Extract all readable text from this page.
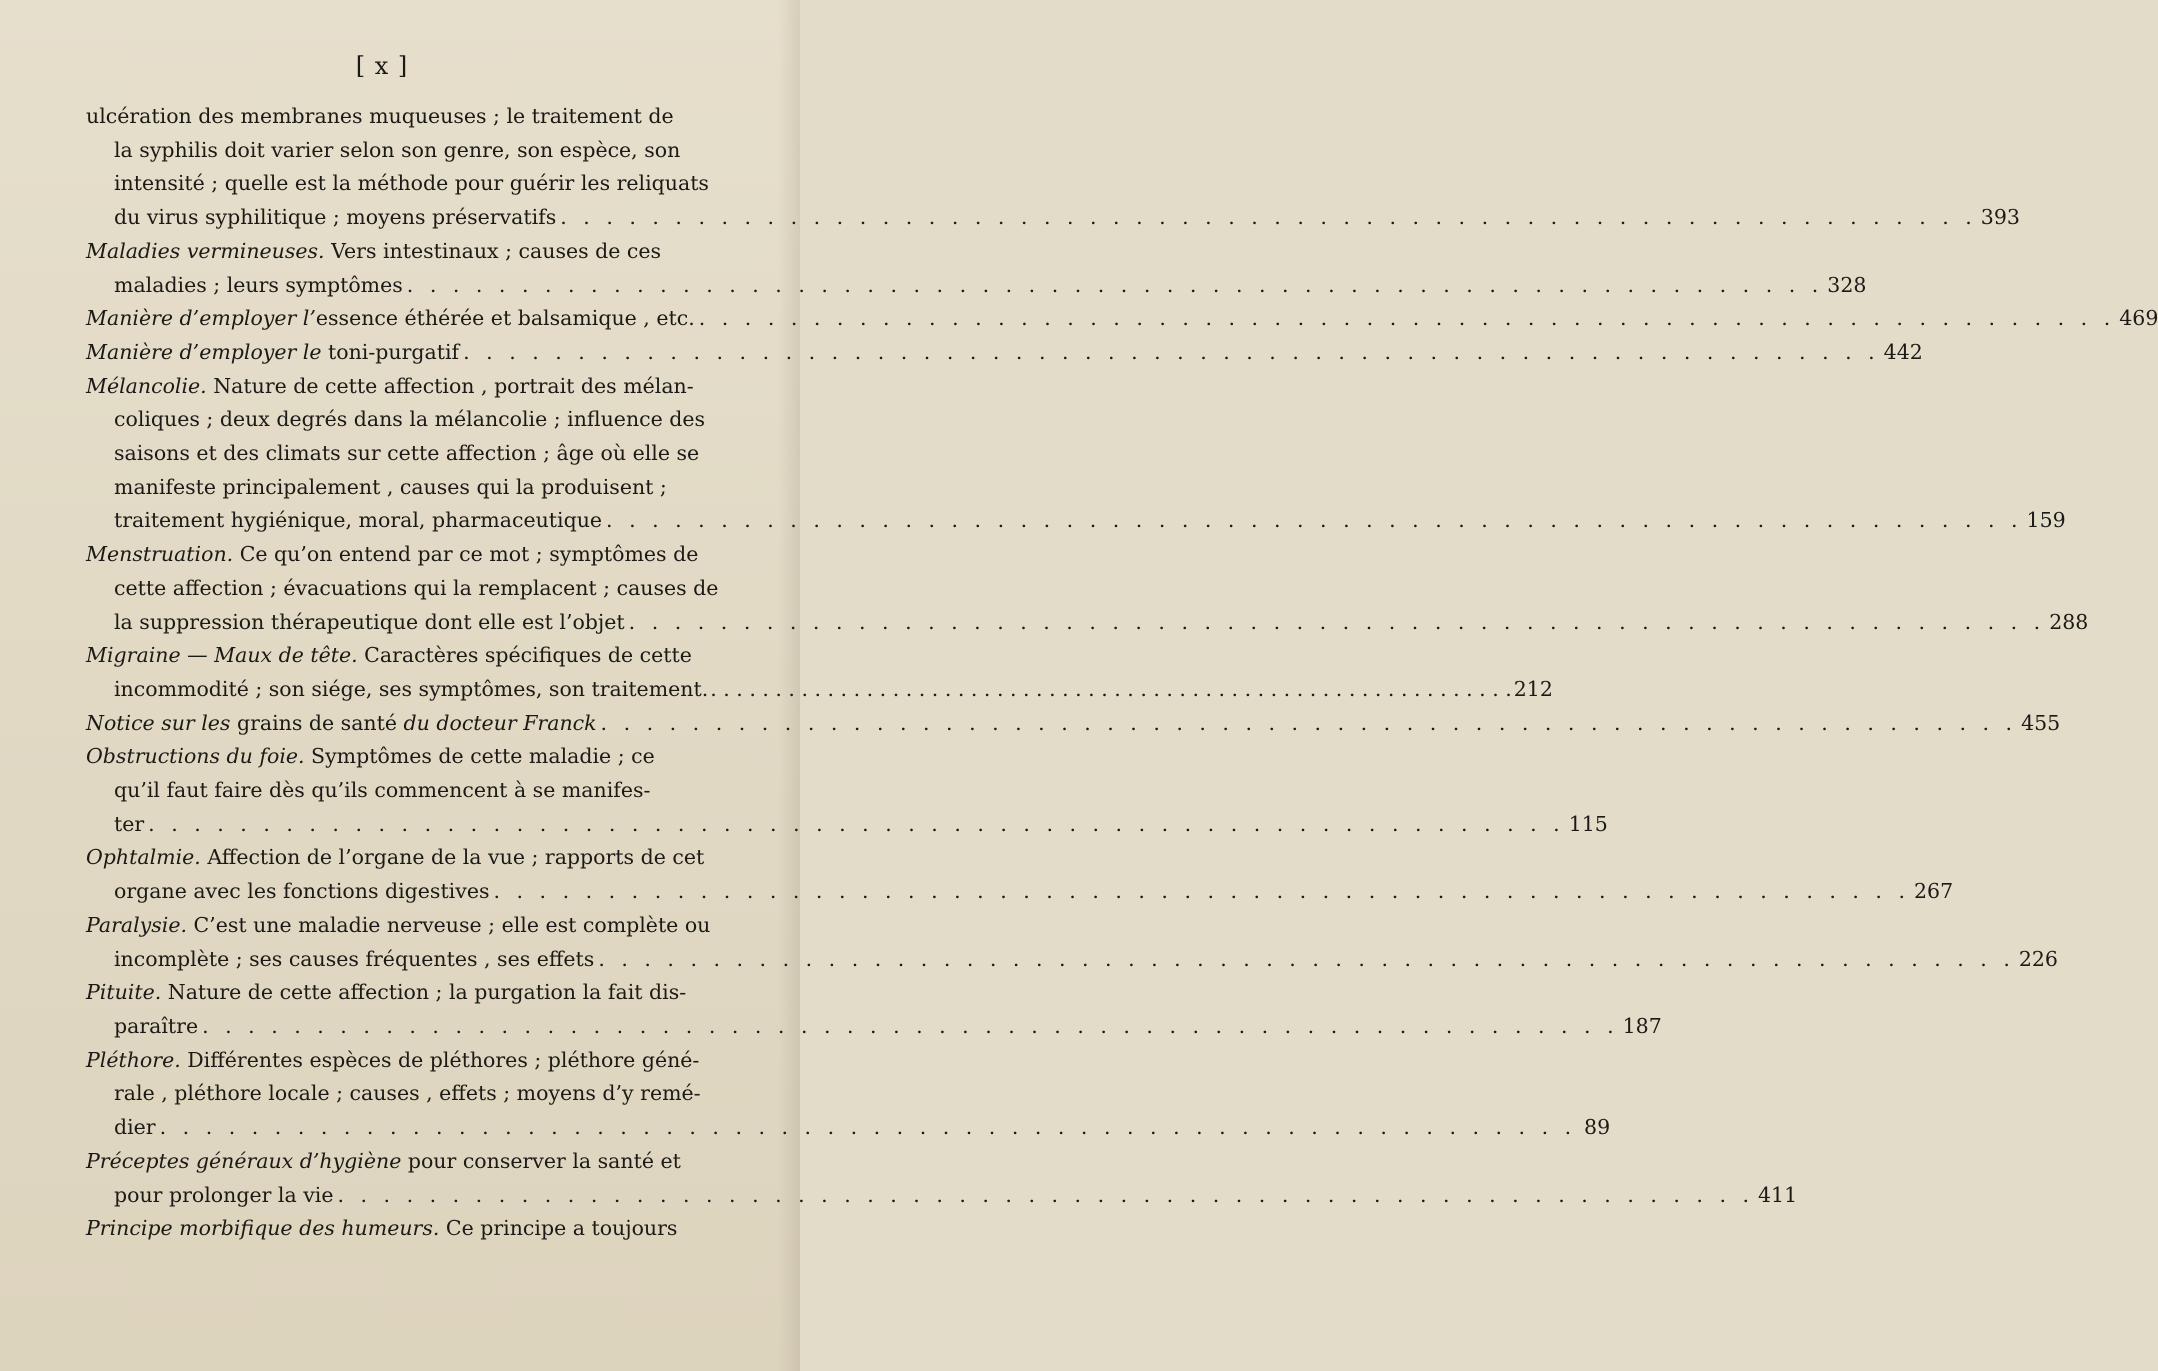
[ x ]
ulcération des membranes muqueuses ; le traitement de
la syphilis doit varier selon son genre, son espèce, son
intensité ; quelle est la méthode pour guérir les reliquats
du virus syphilitique ; moyens préservatifs . . .	393
Maladies vermineuses. Vers intestinaux ; causes de ces
maladies ; leurs symptômes . . .	328
Manière d’employer l’essence éthérée et balsamique , etc. . . .	469
Manière d’employer le toni-purgatif . . .	442
Mélancolie. Nature de cette affection , portrait des mélan-
coliques ; deux degrés dans la mélancolie ; influence des
saisons et des climats sur cette affection ; âge où elle se
manifeste principalement , causes qui la produisent ;
traitement hygiénique, moral, pharmaceutique . . .	159
Menstruation. Ce qu’on entend par ce mot ; symptômes de
cette affection ; évacuations qui la remplacent ; causes de
la suppression thérapeutique dont elle est l’objet . . .	288
Migraine — Maux de tête. Caractères spécifiques de cette
incommodité ; son siége, ses symptômes, son traitement. . . .	212
Notice sur les grains de santé du docteur Franck . . .	455
Obstructions du foie. Symptômes de cette maladie ; ce
qu’il faut faire dès qu’ils commencent à se manifes-
ter . . .	115
Ophtalmie. Affection de l’organe de la vue ; rapports de cet
organe avec les fonctions digestives . . .	267
Paralysie. C’est une maladie nerveuse ; elle est complète ou
incomplète ; ses causes fréquentes , ses effets . . .	226
Pituite. Nature de cette affection ; la purgation la fait dis-
paraître . . .	187
Pléthore. Différentes espèces de pléthores ; pléthore géné-
rale , pléthore locale ; causes , effets ; moyens d’y remé-
dier . . .	89
Préceptes généraux d’hygiène pour conserver la santé et
pour prolonger la vie . . .	411
Principe morbifique des humeurs. Ce principe a toujours
